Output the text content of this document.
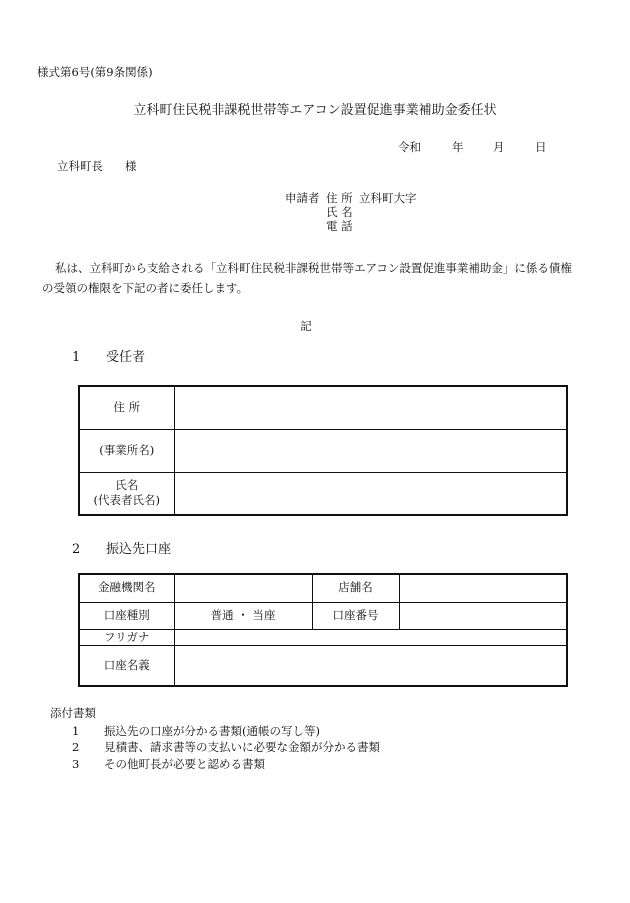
様式第6号(第9条関係)
立科町住民税非課税世帯等エアコン設置促進事業補助金委任状
令和	年	月	日
立科町長 様
申請者 住 所 立科町大字
氏 名
電 話
私は、立科町から支給される「立科町住民税非課税世帯等エアコン設置促進事業補助金」に係る債権
の受領の権限を下記の者に委任します。
記
1 受任者
住 所	
(事業所名)	

氏名
(代表者氏名)	

2 振込先口座
金融機関名		店舗名	
口座種別	普通 ・ 当座	口座番号	
フリガナ			
口座名義			
添付書類
1 振込先の口座が分かる書類(通帳の写し等)
2 見積書、請求書等の支払いに必要な金額が分かる書類
3 その他町長が必要と認める書類
